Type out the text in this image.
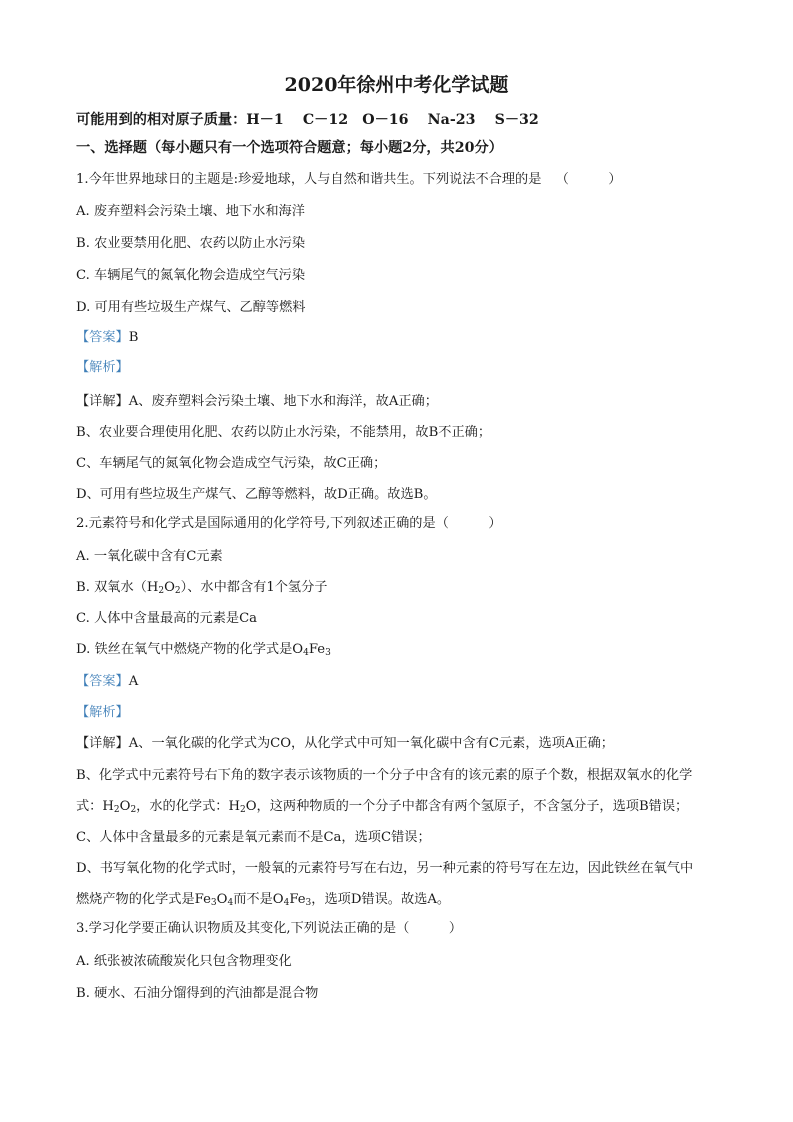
2020年徐州中考化学试题
可能用到的相对原子质量：H－1　 C－12　O－16　 Na-23　 S－32
一、选择题（每小题只有一个选项符合题意；每小题2分，共20分）
1.今年世界地球日的主题是:珍爱地球，人与自然和谐共生。下列说法不合理的是 （　　　）
A. 废弃塑料会污染土壤、地下水和海洋
B. 农业要禁用化肥、农药以防止水污染
C. 车辆尾气的氮氧化物会造成空气污染
D. 可用有些垃圾生产煤气、乙醇等燃料
【答案】B
【解析】
【详解】A、废弃塑料会污染土壤、地下水和海洋，故A正确；
B、农业要合理使用化肥、农药以防止水污染，不能禁用，故B不正确；
C、车辆尾气的氮氧化物会造成空气污染，故C正确；
D、可用有些垃圾生产煤气、乙醇等燃料，故D正确。故选B。
2.元素符号和化学式是国际通用的化学符号,下列叙述正确的是（　　　）
A. 一氧化碳中含有C元素
B. 双氧水$(H_2O_2)$、水中都含有1个氢分子
C. 人体中含量最高的元素是Ca
D. 铁丝在氧气中燃烧产物的化学式是$O_4Fe_3$
【答案】A
【解析】
【详解】A、一氧化碳的化学式为CO，从化学式中可知一氧化碳中含有C元素，选项A正确；
B、化学式中元素符号右下角的数字表示该物质的一个分子中含有的该元素的原子个数，根据双氧水的化学
式：$H_2O_2$，水的化学式：$H_2O$，这两种物质的一个分子中都含有两个氢原子，不含氢分子，选项B错误；
C、人体中含量最多的元素是氧元素而不是Ca，选项C错误；
D、书写氧化物的化学式时，一般氧的元素符号写在右边，另一种元素的符号写在左边，因此铁丝在氧气中
燃烧产物的化学式是$Fe_3O_4$而不是$O_4Fe_3$，选项D错误。故选A。
3.学习化学要正确认识物质及其变化,下列说法正确的是（　　　）
A. 纸张被浓硫酸炭化只包含物理变化
B. 硬水、石油分馏得到的汽油都是混合物
